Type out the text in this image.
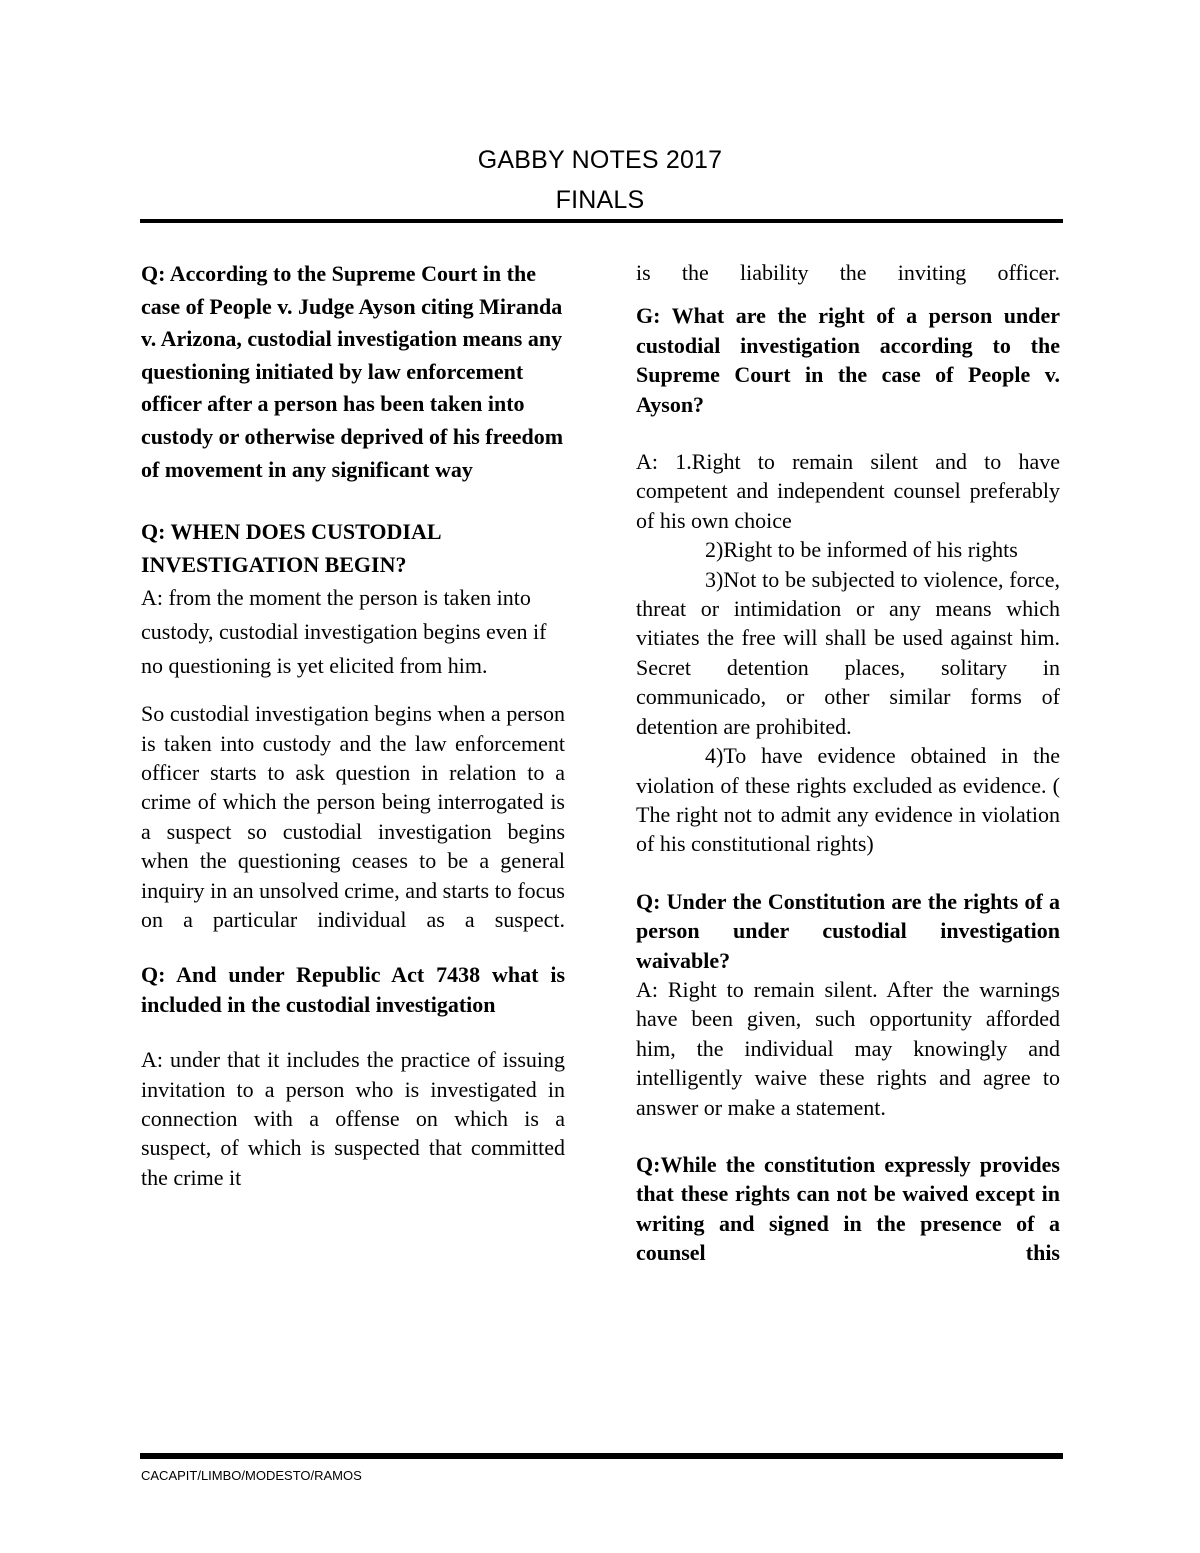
GABBY NOTES 2017
FINALS

Q: According to the Supreme Court in the case of People v. Judge Ayson citing Miranda v. Arizona, custodial investigation means any questioning initiated by law enforcement officer after a person has been taken into custody or otherwise deprived of his freedom of movement in any significant way

Q: WHEN DOES CUSTODIAL INVESTIGATION BEGIN?

A: from the moment the person is taken into custody, custodial investigation begins even if no questioning is yet elicited from him.

So custodial investigation begins when a person is taken into custody and the law enforcement officer starts to ask question in relation to a crime of which the person being interrogated is a suspect so custodial investigation begins when the questioning ceases to be a general inquiry in an unsolved crime, and starts to focus on a particular individual as a suspect.

Q: And under Republic Act 7438 what is included in the custodial investigation

A: under that it includes the practice of issuing invitation to a person who is investigated in connection with a offense on which is a suspect, of which is suspected that committed the crime it

is the liability the inviting officer.

G: What are the right of a person under custodial investigation according to the Supreme Court in the case of People v. Ayson?

A: 1.Right to remain silent and to have competent and independent counsel preferably of his own choice

2)Right to be informed of his rights

3)Not to be subjected to violence, force, threat or intimidation or any means which vitiates the free will shall be used against him. Secret detention places, solitary in communicado, or other similar forms of detention are prohibited.

4)To have evidence obtained in the violation of these rights excluded as evidence. ( The right not to admit any evidence in violation of his constitutional rights)

Q: Under the Constitution are the rights of a person under custodial investigation waivable?

A: Right to remain silent. After the warnings have been given, such opportunity afforded him, the individual may knowingly and intelligently waive these rights and agree to answer or make a statement.

Q:While the constitution expressly provides that these rights can not be waived except in writing and signed in the presence of a counsel this

CACAPIT/LIMBO/MODESTO/RAMOS
